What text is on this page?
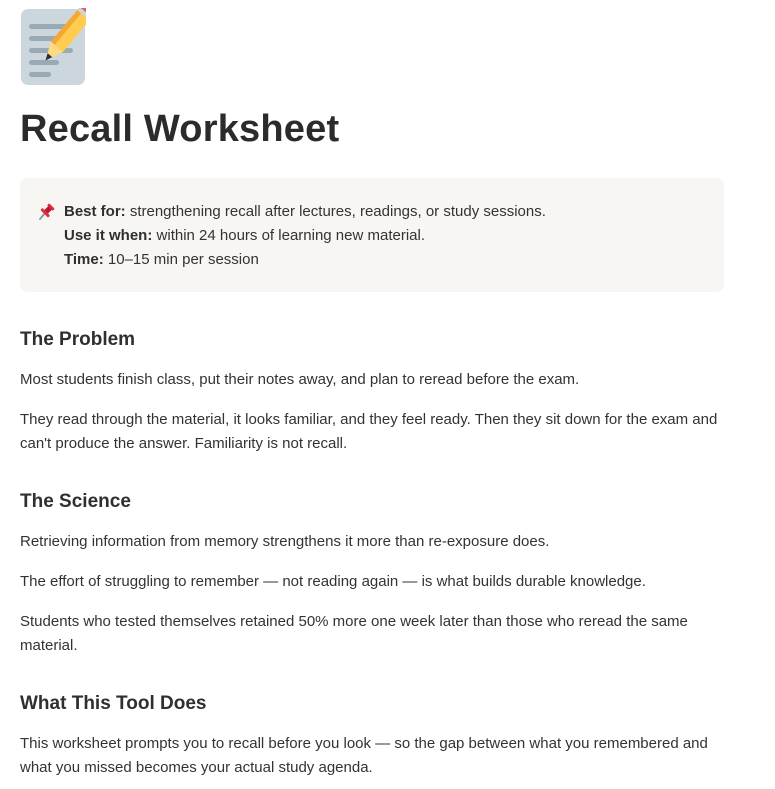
Recall Worksheet
Best for: strengthening recall after lectures, readings, or study sessions.
Use it when: within 24 hours of learning new material.
Time: 10–15 min per session
The Problem

Most students finish class, put their notes away, and plan to reread before the exam.

They read through the material, it looks familiar, and they feel ready. Then they sit down for the exam and can't produce the answer. Familiarity is not recall.

The Science

Retrieving information from memory strengthens it more than re-exposure does.

The effort of struggling to remember — not reading again — is what builds durable knowledge.

Students who tested themselves retained 50% more one week later than those who reread the same material.

What This Tool Does

This worksheet prompts you to recall before you look — so the gap between what you remembered and what you missed becomes your actual study agenda.
